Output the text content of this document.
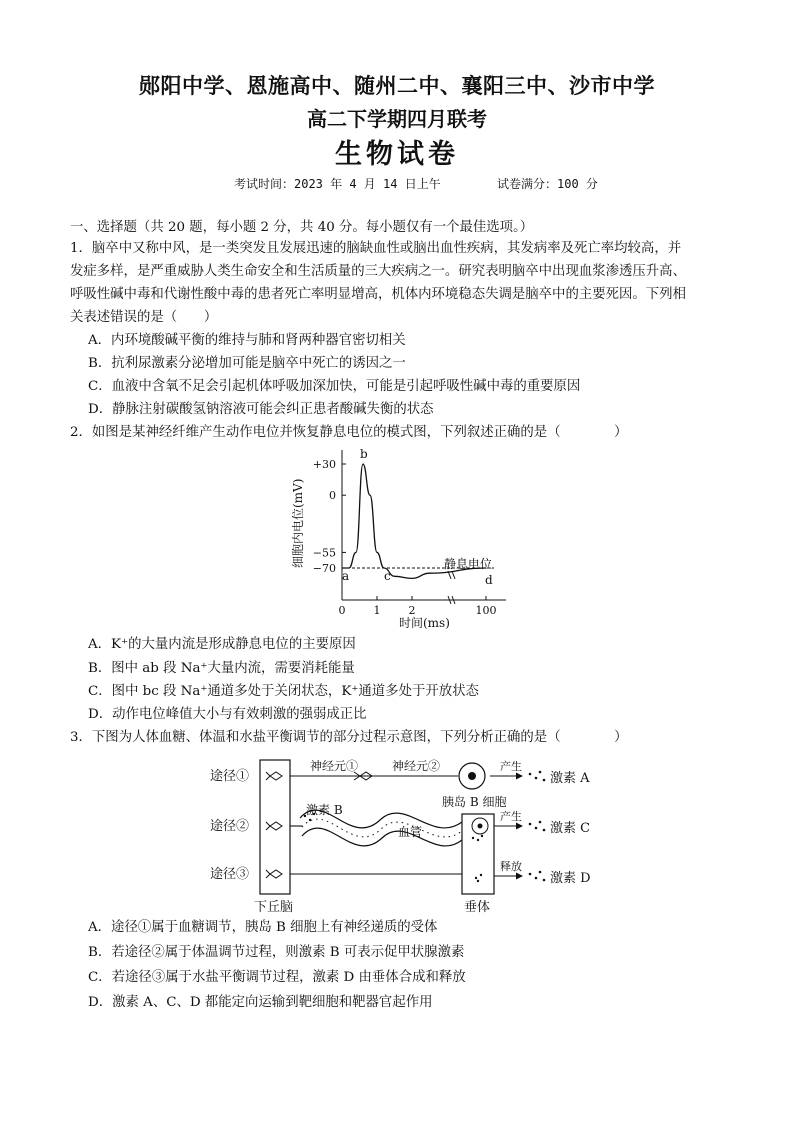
郧阳中学、恩施高中、随州二中、襄阳三中、沙市中学
高二下学期四月联考
生物试卷
考试时间：2023 年 4 月 14 日上午	试卷满分：100 分
一、选择题（共 20 题，每小题 2 分，共 40 分。每小题仅有一个最佳选项。）
1．脑卒中又称中风，是一类突发且发展迅速的脑缺血性或脑出血性疾病，其发病率及死亡率均较高，并
发症多样，是严重威胁人类生命安全和生活质量的三大疾病之一。研究表明脑卒中出现血浆渗透压升高、
呼吸性碱中毒和代谢性酸中毒的患者死亡率明显增高，机体内环境稳态失调是脑卒中的主要死因。下列相
关表述错误的是（　　）
A．内环境酸碱平衡的维持与肺和肾两种器官密切相关
B．抗利尿激素分泌增加可能是脑卒中死亡的诱因之一
C．血液中含氧不足会引起机体呼吸加深加快，可能是引起呼吸性碱中毒的重要原因
D．静脉注射碳酸氢钠溶液可能会纠正患者酸碱失衡的状态
2．如图是某神经纤维产生动作电位并恢复静息电位的模式图，下列叙述正确的是（　　　　）
+30
0
−55
−70
0	1	2	100
细胞内电位(mV)
时间(ms)
静息电位
a
b
c	d
A．K⁺的大量内流是形成静息电位的主要原因
B．图中 ab 段 Na⁺大量内流，需要消耗能量
C．图中 bc 段 Na⁺通道多处于关闭状态，K⁺通道多处于开放状态
D．动作电位峰值大小与有效刺激的强弱成正比
3．下图为人体血糖、体温和水盐平衡调节的部分过程示意图，下列分析正确的是（　　　　）
途径①
途径②
途径③
神经元①	神经元②
胰岛 B 细胞
激素 B
血管
产生
产生
释放
激素 A
激素 C
激素 D
下丘脑	垂体
A．途径①属于血糖调节，胰岛 B 细胞上有神经递质的受体
B．若途径②属于体温调节过程，则激素 B 可表示促甲状腺激素
C．若途径③属于水盐平衡调节过程，激素 D 由垂体合成和释放
D．激素 A、C、D 都能定向运输到靶细胞和靶器官起作用
